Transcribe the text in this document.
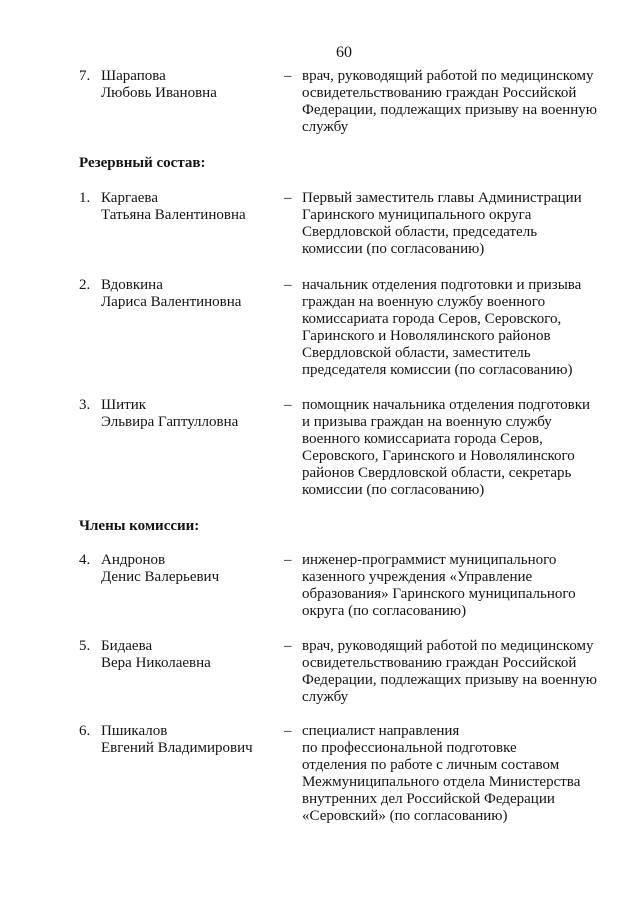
60
7. Шарапова
Любовь Ивановна
– врач, руководящий работой по медицинскому
освидетельствованию граждан Российской
Федерации, подлежащих призыву на военную
службу
Резервный состав:
1. Каргаева
Татьяна Валентиновна
– Первый заместитель главы Администрации
Гаринского муниципального округа
Свердловской области, председатель
комиссии (по согласованию)
2. Вдовкина
Лариса Валентиновна
– начальник отделения подготовки и призыва
граждан на военную службу военного
комиссариата города Серов, Серовского,
Гаринского и Новолялинского районов
Свердловской области, заместитель
председателя комиссии (по согласованию)
3. Шитик
Эльвира Гаптулловна
– помощник начальника отделения подготовки
и призыва граждан на военную службу
военного комиссариата города Серов,
Серовского, Гаринского и Новолялинского
районов Свердловской области, секретарь
комиссии (по согласованию)
Члены комиссии:
4. Андронов
Денис Валерьевич
– инженер-программист муниципального
казенного учреждения «Управление
образования» Гаринского муниципального
округа (по согласованию)
5. Бидаева
Вера Николаевна
– врач, руководящий работой по медицинскому
освидетельствованию граждан Российской
Федерации, подлежащих призыву на военную
службу
6. Пшикалов
Евгений Владимирович
– специалист направления
по профессиональной подготовке
отделения по работе с личным составом
Межмуниципального отдела Министерства
внутренних дел Российской Федерации
«Серовский» (по согласованию)
